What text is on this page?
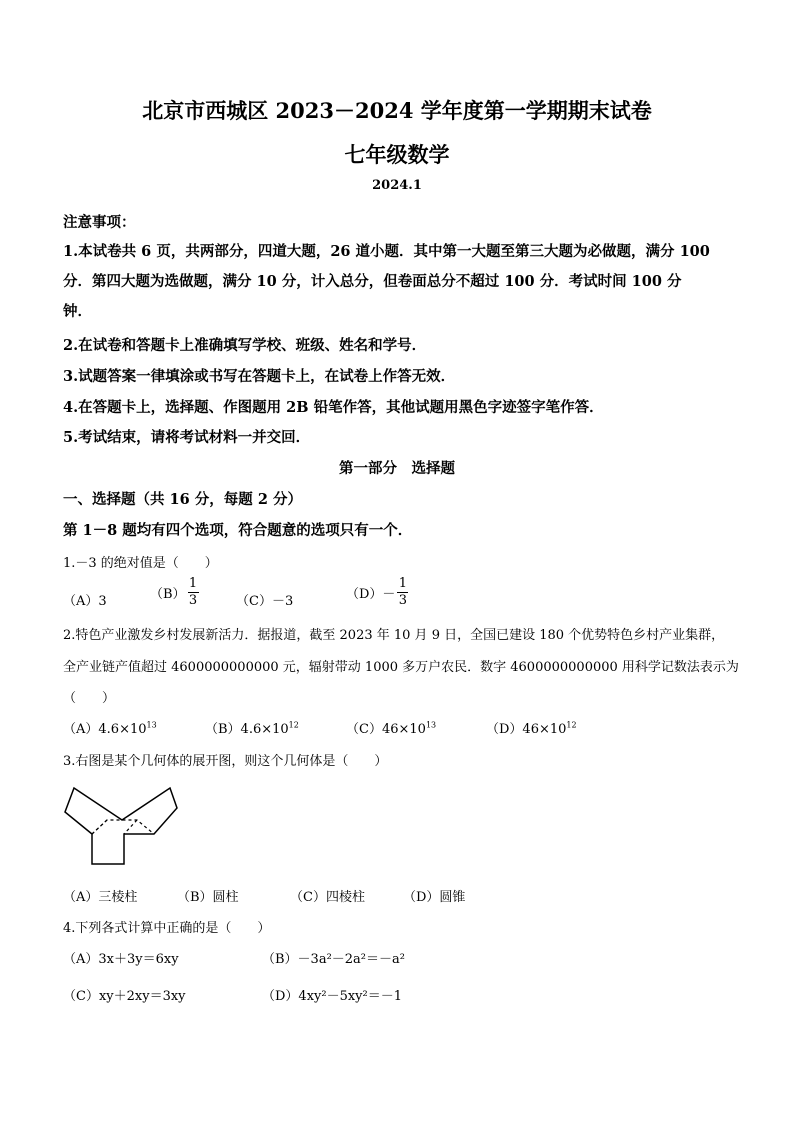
北京市西城区 2023－2024 学年度第一学期期末试卷
七年级数学
2024.1
注意事项：
1.本试卷共 6 页，共两部分，四道大题，26 道小题．其中第一大题至第三大题为必做题，满分 100
分．第四大题为选做题，满分 10 分，计入总分，但卷面总分不超过 100 分．考试时间 100 分
钟．
2.在试卷和答题卡上准确填写学校、班级、姓名和学号．
3.试题答案一律填涂或书写在答题卡上，在试卷上作答无效．
4.在答题卡上，选择题、作图题用 2B 铅笔作答，其他试题用黑色字迹签字笔作答．
5.考试结束，请将考试材料一并交回．
第一部分　选择题
一、选择题（共 16 分，每题 2 分）
第 1－8 题均有四个选项，符合题意的选项只有一个．
1.－3 的绝对值是（　　）
（A）3	$(B) \frac{1}{3}$	（C）－3	$(D)- \frac{1}{3}$
2.特色产业激发乡村发展新活力．据报道，截至 2023 年 10 月 9 日，全国已建设 180 个优势特色乡村产业集群，
全产业链产值超过 4600000000000 元，辐射带动 1000 多万户农民．数字 4600000000000 用科学记数法表示为
（　　）
$(A)4.6\times 10^{13}$	$(B)4.6\times 10^{12}$	$(C)46\times 10^{13}$	$(D)46\times 10^{12}$
3.右图是某个几何体的展开图，则这个几何体是（　　）
（A）三棱柱	（B）圆柱	（C）四棱柱	（D）圆锥
4.下列各式计算中正确的是（　　）
（A）3x＋3y＝6xy	（B）－3a²－2a²＝－a²
（C）xy＋2xy＝3xy	（D）4xy²－5xy²＝－1
